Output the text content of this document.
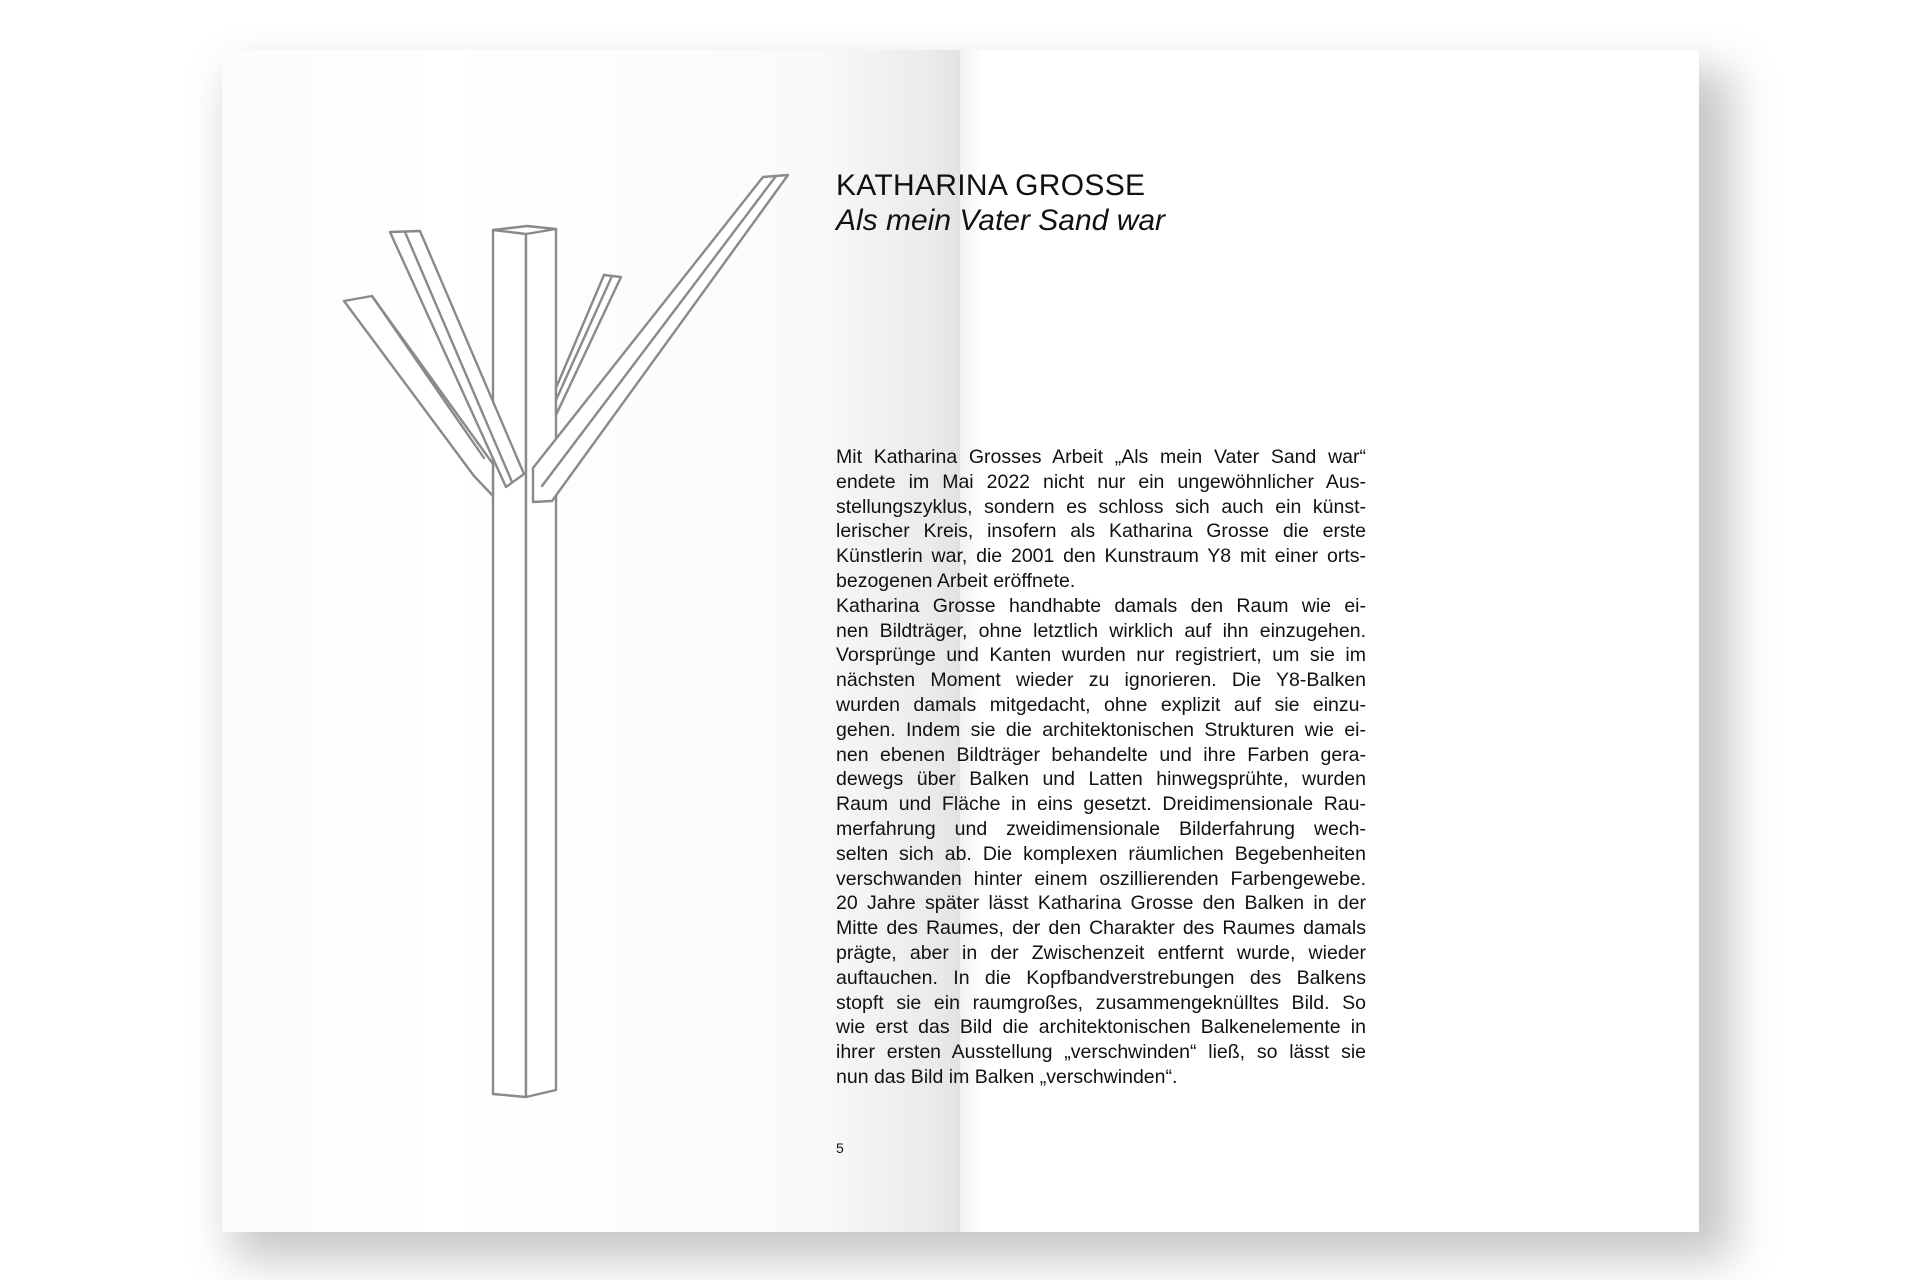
KATHARINA GROSSE
Als mein Vater Sand war
Mit Katharina Grosses Arbeit „Als mein Vater Sand war“
endete im Mai 2022 nicht nur ein ungewöhnlicher Aus-
stellungszyklus, sondern es schloss sich auch ein künst-
lerischer Kreis, insofern als Katharina Grosse die erste
Künstlerin war, die 2001 den Kunstraum Y8 mit einer orts-
bezogenen Arbeit eröffnete.
Katharina Grosse handhabte damals den Raum wie ei-
nen Bildträger, ohne letztlich wirklich auf ihn einzugehen.
Vorsprünge und Kanten wurden nur registriert, um sie im
nächsten Moment wieder zu ignorieren. Die Y8-Balken
wurden damals mitgedacht, ohne explizit auf sie einzu-
gehen. Indem sie die architektonischen Strukturen wie ei-
nen ebenen Bildträger behandelte und ihre Farben gera-
dewegs über Balken und Latten hinwegsprühte, wurden
Raum und Fläche in eins gesetzt. Dreidimensionale Rau-
merfahrung und zweidimensionale Bilderfahrung wech-
selten sich ab. Die komplexen räumlichen Begebenheiten
verschwanden hinter einem oszillierenden Farbengewebe.
20 Jahre später lässt Katharina Grosse den Balken in der
Mitte des Raumes, der den Charakter des Raumes damals
prägte, aber in der Zwischenzeit entfernt wurde, wieder
auftauchen. In die Kopfbandverstrebungen des Balkens
stopft sie ein raumgroßes, zusammengeknülltes Bild. So
wie erst das Bild die architektonischen Balkenelemente in
ihrer ersten Ausstellung „verschwinden“ ließ, so lässt sie
nun das Bild im Balken „verschwinden“.
5
